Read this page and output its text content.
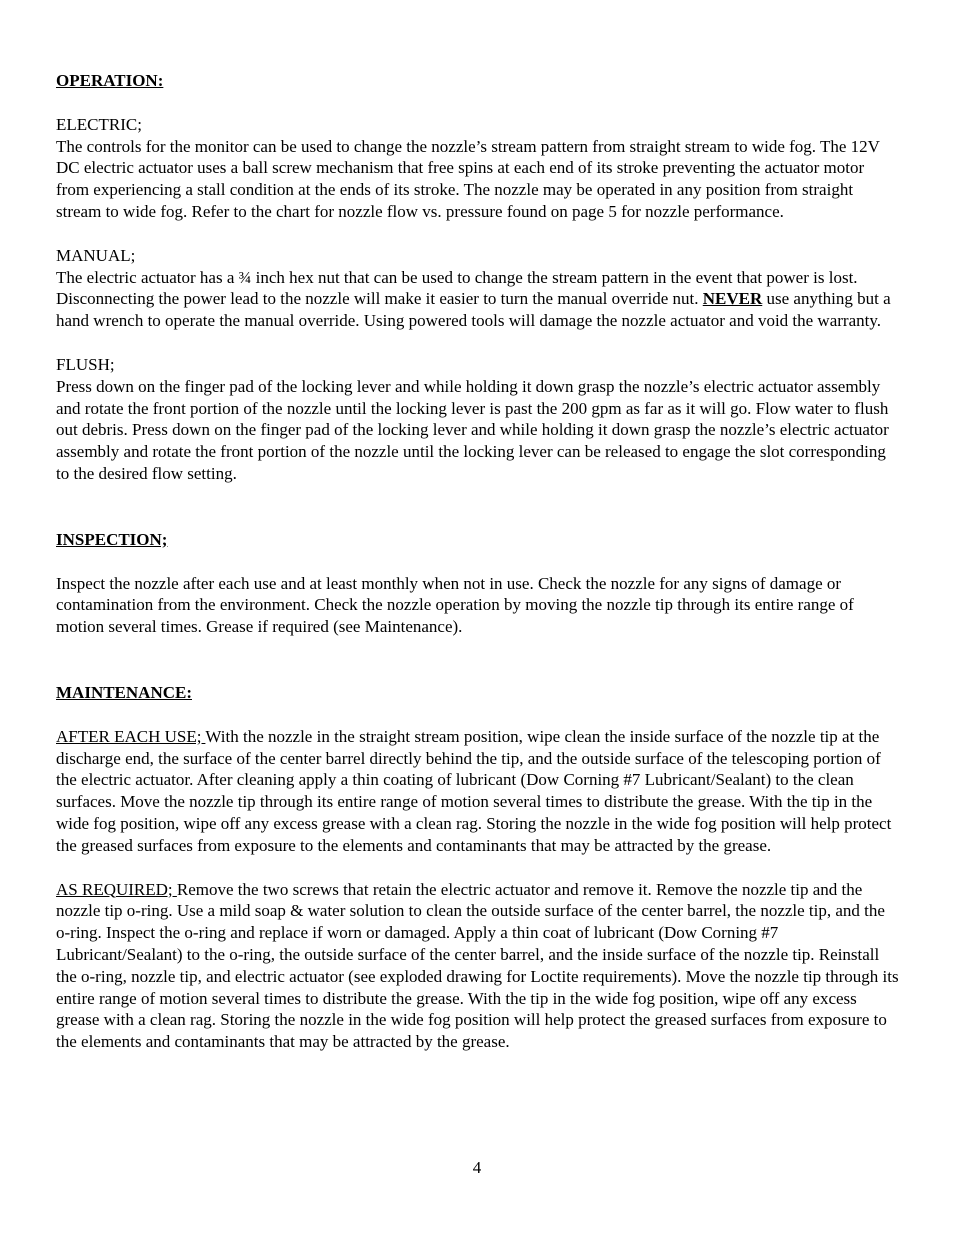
OPERATION:
ELECTRIC;

The controls for the monitor can be used to change the nozzle’s stream pattern from straight stream to wide fog. The 12V DC electric actuator uses a ball screw mechanism that free spins at each end of its stroke preventing the actuator motor from experiencing a stall condition at the ends of its stroke. The nozzle may be operated in any position from straight stream to wide fog. Refer to the chart for nozzle flow vs. pressure found on page 5 for nozzle performance.

MANUAL;

The electric actuator has a ¾ inch hex nut that can be used to change the stream pattern in the event that power is lost. Disconnecting the power lead to the nozzle will make it easier to turn the manual override nut. NEVER use anything but a hand wrench to operate the manual override. Using powered tools will damage the nozzle actuator and void the warranty.

FLUSH;

Press down on the finger pad of the locking lever and while holding it down grasp the nozzle’s electric actuator assembly and rotate the front portion of the nozzle until the locking lever is past the 200 gpm as far as it will go. Flow water to flush out debris. Press down on the finger pad of the locking lever and while holding it down grasp the nozzle’s electric actuator assembly and rotate the front portion of the nozzle until the locking lever can be released to engage the slot corresponding to the desired flow setting.

INSPECTION;

Inspect the nozzle after each use and at least monthly when not in use. Check the nozzle for any signs of damage or contamination from the environment. Check the nozzle operation by moving the nozzle tip through its entire range of motion several times. Grease if required (see Maintenance).

MAINTENANCE:

AFTER EACH USE; With the nozzle in the straight stream position, wipe clean the inside surface of the nozzle tip at the discharge end, the surface of the center barrel directly behind the tip, and the outside surface of the telescoping portion of the electric actuator. After cleaning apply a thin coating of lubricant (Dow Corning #7 Lubricant/Sealant) to the clean surfaces. Move the nozzle tip through its entire range of motion several times to distribute the grease. With the tip in the wide fog position, wipe off any excess grease with a clean rag. Storing the nozzle in the wide fog position will help protect the greased surfaces from exposure to the elements and contaminants that may be attracted by the grease.

AS REQUIRED; Remove the two screws that retain the electric actuator and remove it. Remove the nozzle tip and the nozzle tip o-ring. Use a mild soap & water solution to clean the outside surface of the center barrel, the nozzle tip, and the o-ring. Inspect the o-ring and replace if worn or damaged. Apply a thin coat of lubricant (Dow Corning #7 Lubricant/Sealant) to the o-ring, the outside surface of the center barrel, and the inside surface of the nozzle tip. Reinstall the o-ring, nozzle tip, and electric actuator (see exploded drawing for Loctite requirements). Move the nozzle tip through its entire range of motion several times to distribute the grease. With the tip in the wide fog position, wipe off any excess grease with a clean rag. Storing the nozzle in the wide fog position will help protect the greased surfaces from exposure to the elements and contaminants that may be attracted by the grease.

4
